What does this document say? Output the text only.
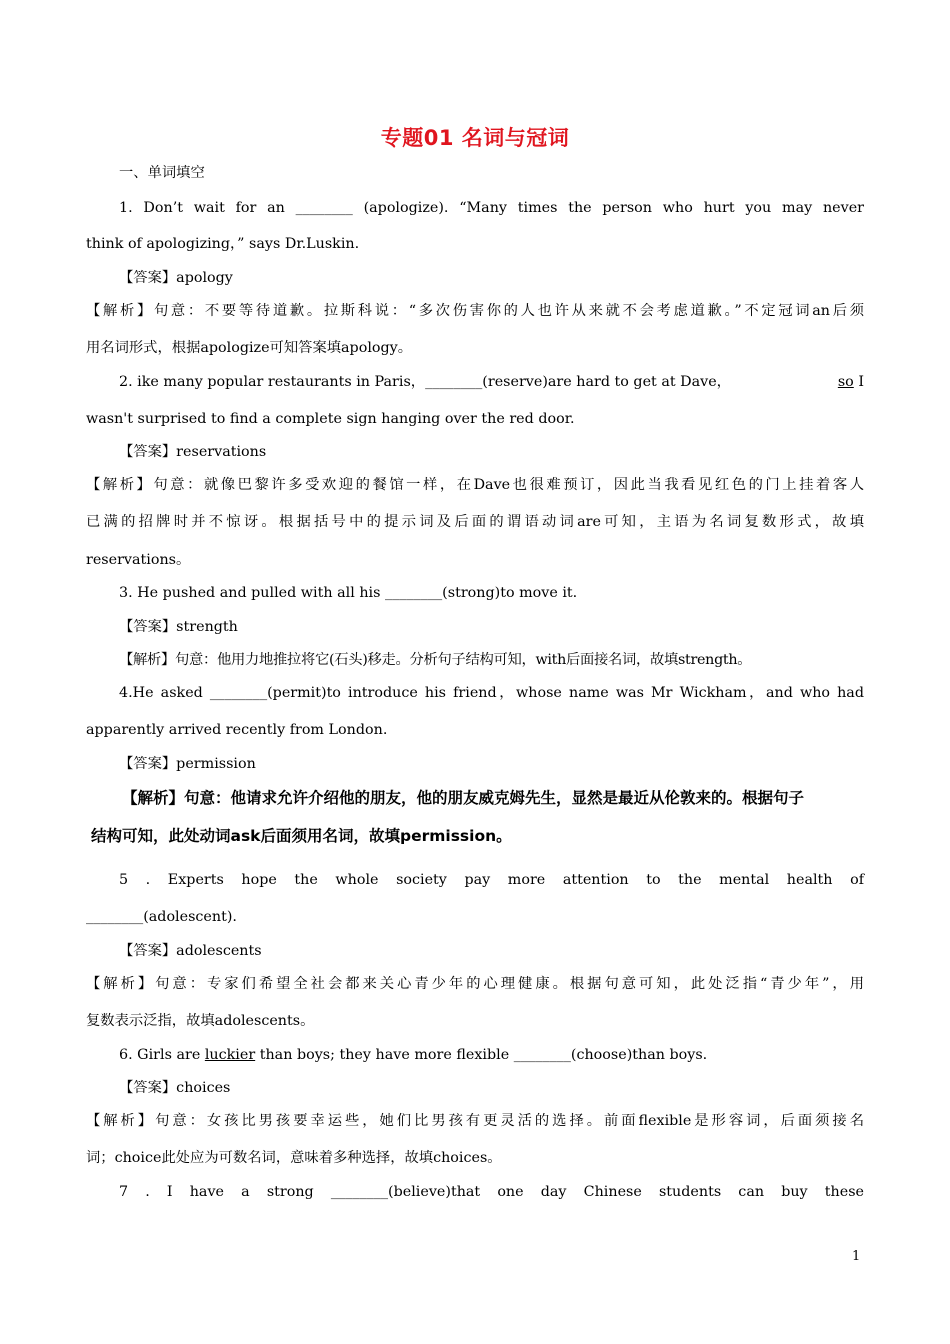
专题01 名词与冠词
一、单词填空
1. Don’t wait for an ________ (apologize). “Many times the person who hurt you may never
think of apologizing，” says Dr.Luskin.
【答案】apology
【解析】句意：不要等待道歉。拉斯科说：“多次伤害你的人也许从来就不会考虑道歉。”不定冠词an后须
用名词形式，根据apologize可知答案填apology。
2. ike many popular restaurants in Paris，________(reserve)are hard to get at Dave，	so I
wasn't surprised to find a complete sign hanging over the red door.
【答案】reservations
【解析】句意：就像巴黎许多受欢迎的餐馆一样，在Dave也很难预订，因此当我看见红色的门上挂着客人
已满的招牌时并不惊讶。根据括号中的提示词及后面的谓语动词are可知，主语为名词复数形式，故填
reservations。
3. He pushed and pulled with all his ________(strong)to move it.
【答案】strength
【解析】句意：他用力地推拉将它(石头)移走。分析句子结构可知，with后面接名词，故填strength。
4.He asked ________(permit)to introduce his friend，whose name was Mr Wickham，and who had
apparently arrived recently from London.
【答案】permission
【解析】句意：他请求允许介绍他的朋友，他的朋友威克姆先生，显然是最近从伦敦来的。根据句子
结构可知，此处动词ask后面须用名词，故填permission。
5 . Experts hope the whole society pay more attention to the mental health of
________(adolescent).
【答案】adolescents
【解析】句意：专家们希望全社会都来关心青少年的心理健康。根据句意可知，此处泛指“青少年”，用
复数表示泛指，故填adolescents。
6. Girls are luckier than boys; they have more flexible ________(choose)than boys.
【答案】choices
【解析】句意：女孩比男孩要幸运些，她们比男孩有更灵活的选择。前面flexible是形容词，后面须接名
词；choice此处应为可数名词，意味着多种选择，故填choices。
7 . I have a strong ________(believe)that one day Chinese students can buy these
1
